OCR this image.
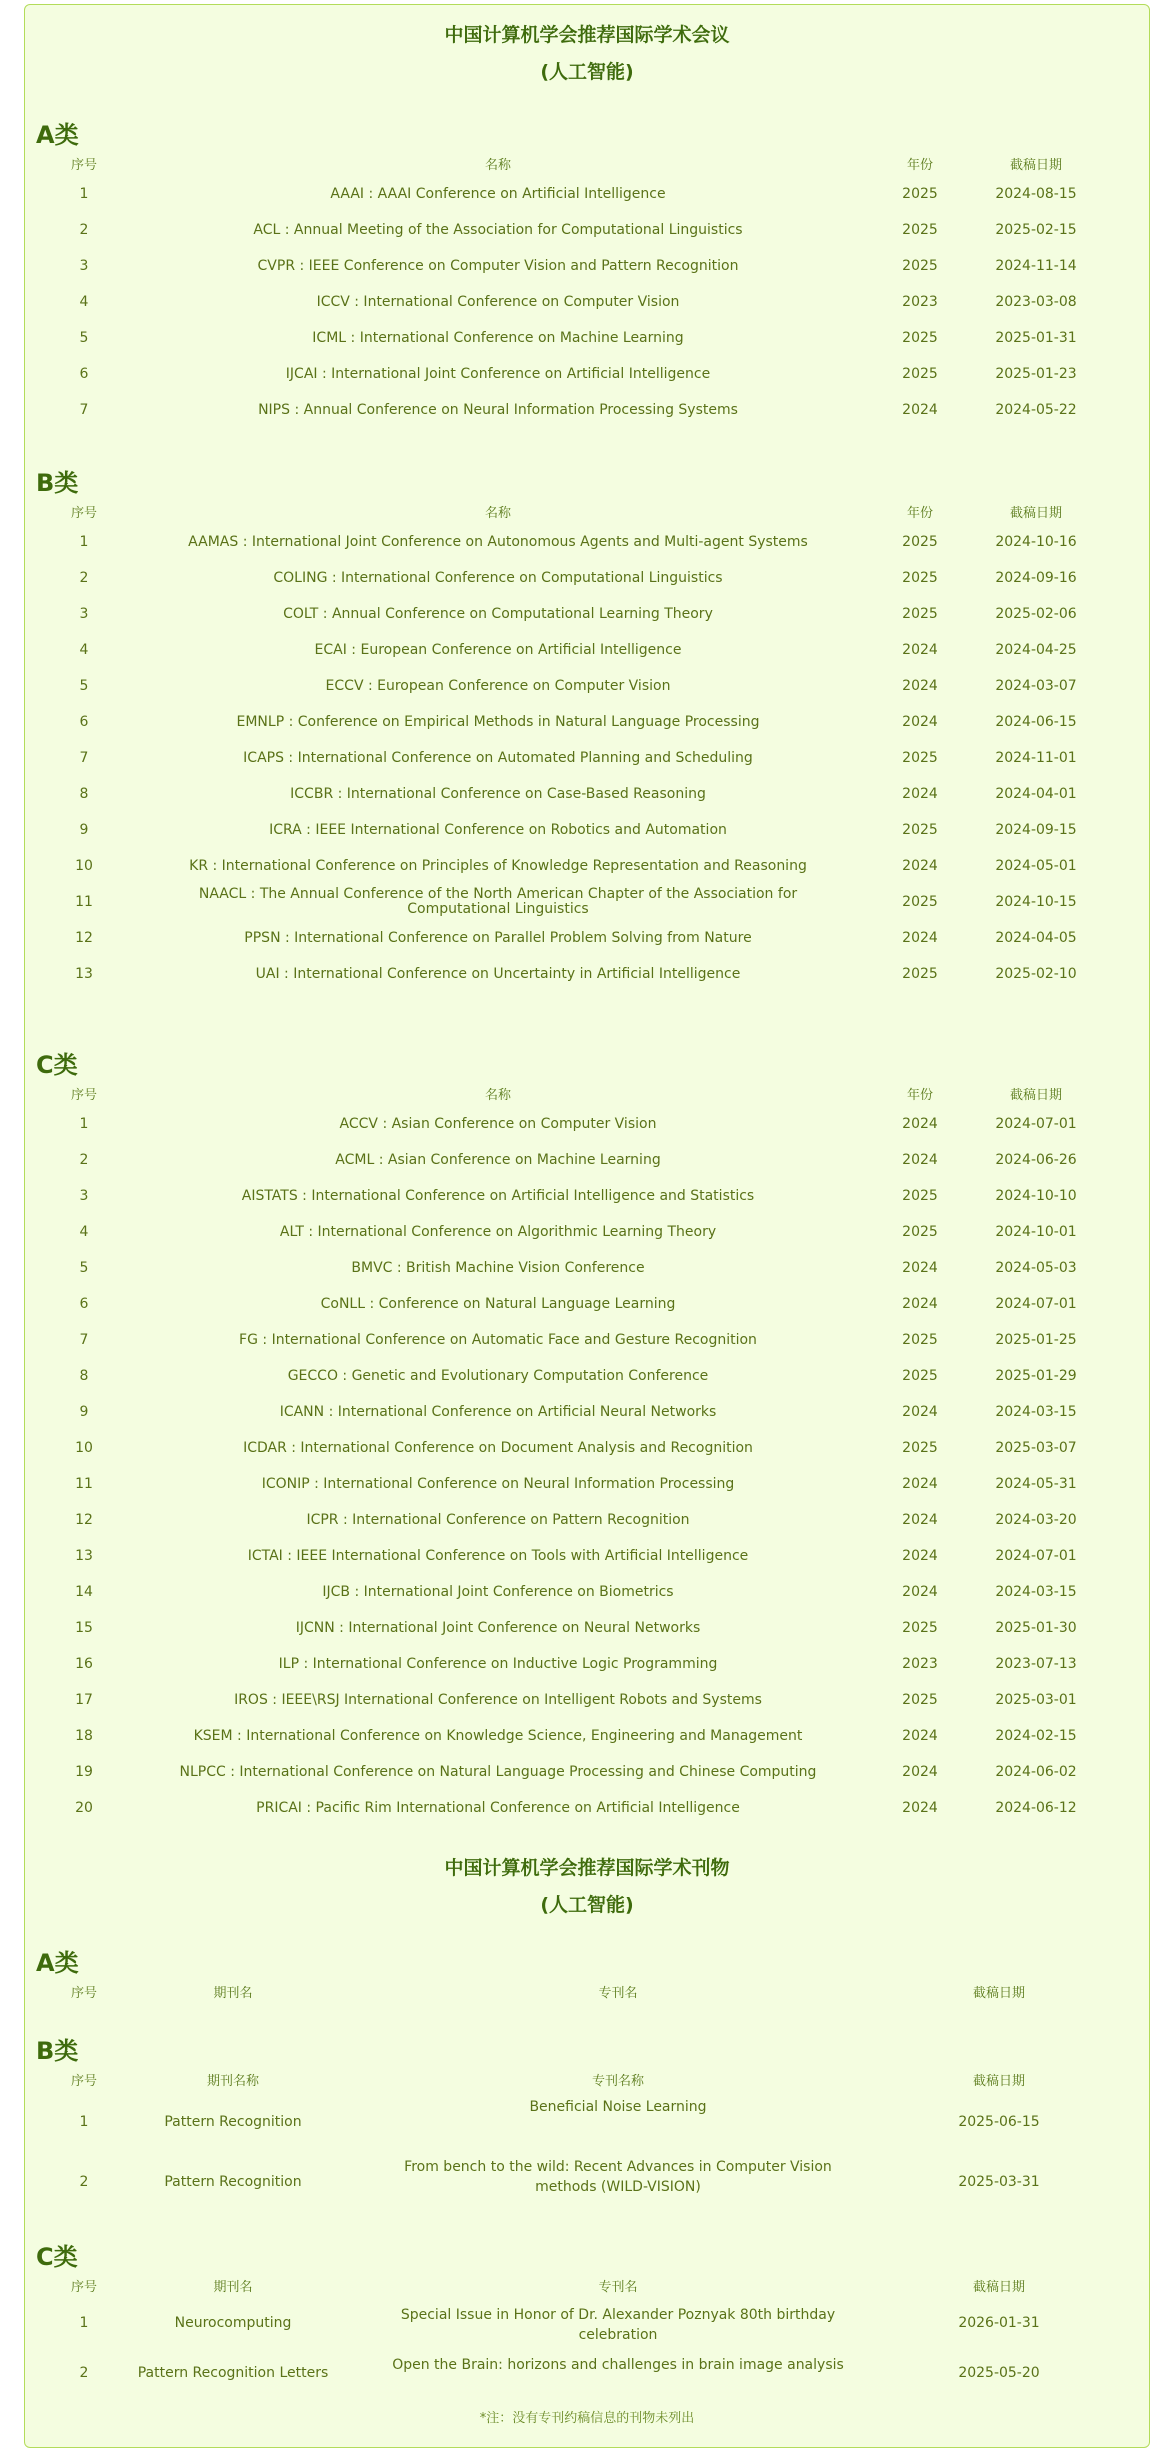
中国计算机学会推荐国际学术会议
(人工智能)
A类
序号	名称	年份	截稿日期
1	AAAI : AAAI Conference on Artificial Intelligence	2025	2024-08-15
2	ACL : Annual Meeting of the Association for Computational Linguistics	2025	2025-02-15
3	CVPR : IEEE Conference on Computer Vision and Pattern Recognition	2025	2024-11-14
4	ICCV : International Conference on Computer Vision	2023	2023-03-08
5	ICML : International Conference on Machine Learning	2025	2025-01-31
6	IJCAI : International Joint Conference on Artificial Intelligence	2025	2025-01-23
7	NIPS : Annual Conference on Neural Information Processing Systems	2024	2024-05-22
B类
序号	名称	年份	截稿日期
1	AAMAS : International Joint Conference on Autonomous Agents and Multi-agent Systems	2025	2024-10-16
2	COLING : International Conference on Computational Linguistics	2025	2024-09-16
3	COLT : Annual Conference on Computational Learning Theory	2025	2025-02-06
4	ECAI : European Conference on Artificial Intelligence	2024	2024-04-25
5	ECCV : European Conference on Computer Vision	2024	2024-03-07
6	EMNLP : Conference on Empirical Methods in Natural Language Processing	2024	2024-06-15
7	ICAPS : International Conference on Automated Planning and Scheduling	2025	2024-11-01
8	ICCBR : International Conference on Case-Based Reasoning	2024	2024-04-01
9	ICRA : IEEE International Conference on Robotics and Automation	2025	2024-09-15
10	KR : International Conference on Principles of Knowledge Representation and Reasoning	2024	2024-05-01
11	NAACL : The Annual Conference of the North American Chapter of the Association for Computational Linguistics	2025	2024-10-15
12	PPSN : International Conference on Parallel Problem Solving from Nature	2024	2024-04-05
13	UAI : International Conference on Uncertainty in Artificial Intelligence	2025	2025-02-10
C类
序号	名称	年份	截稿日期
1	ACCV : Asian Conference on Computer Vision	2024	2024-07-01
2	ACML : Asian Conference on Machine Learning	2024	2024-06-26
3	AISTATS : International Conference on Artificial Intelligence and Statistics	2025	2024-10-10
4	ALT : International Conference on Algorithmic Learning Theory	2025	2024-10-01
5	BMVC : British Machine Vision Conference	2024	2024-05-03
6	CoNLL : Conference on Natural Language Learning	2024	2024-07-01
7	FG : International Conference on Automatic Face and Gesture Recognition	2025	2025-01-25
8	GECCO : Genetic and Evolutionary Computation Conference	2025	2025-01-29
9	ICANN : International Conference on Artificial Neural Networks	2024	2024-03-15
10	ICDAR : International Conference on Document Analysis and Recognition	2025	2025-03-07
11	ICONIP : International Conference on Neural Information Processing	2024	2024-05-31
12	ICPR : International Conference on Pattern Recognition	2024	2024-03-20
13	ICTAI : IEEE International Conference on Tools with Artificial Intelligence	2024	2024-07-01
14	IJCB : International Joint Conference on Biometrics	2024	2024-03-15
15	IJCNN : International Joint Conference on Neural Networks	2025	2025-01-30
16	ILP : International Conference on Inductive Logic Programming	2023	2023-07-13
17	IROS : IEEE\RSJ International Conference on Intelligent Robots and Systems	2025	2025-03-01
18	KSEM : International Conference on Knowledge Science, Engineering and Management	2024	2024-02-15
19	NLPCC : International Conference on Natural Language Processing and Chinese Computing	2024	2024-06-02
20	PRICAI : Pacific Rim International Conference on Artificial Intelligence	2024	2024-06-12
中国计算机学会推荐国际学术刊物
(人工智能)
A类
序号	期刊名	专刊名	截稿日期
B类
序号	期刊名称	专刊名称	截稿日期
1	Pattern Recognition	Beneficial Noise Learning	2025-06-15
2	Pattern Recognition	From bench to the wild: Recent Advances in Computer Vision methods (WILD-VISION)	2025-03-31
C类
序号	期刊名	专刊名	截稿日期
1	Neurocomputing	Special Issue in Honor of Dr. Alexander Poznyak 80th birthday celebration	2026-01-31
2	Pattern Recognition Letters	Open the Brain: horizons and challenges in brain image analysis	2025-05-20
*注：没有专刊约稿信息的刊物未列出
